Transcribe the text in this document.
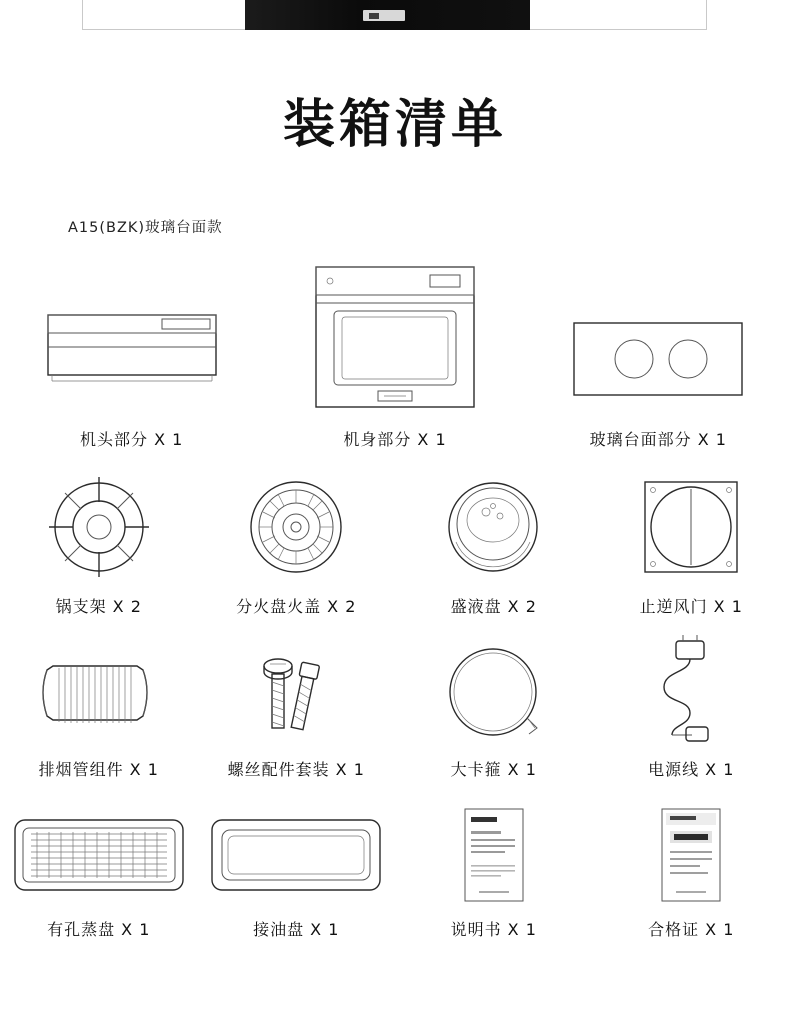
装箱清单
A15(BZK)玻璃台面款
机头部分 X 1	机身部分 X 1	玻璃台面部分 X 1
锅支架 X 2	分火盘火盖 X 2	盛液盘 X 2	止逆风门 X 1
排烟管组件 X 1	螺丝配件套装 X 1	大卡箍 X 1	电源线 X 1
有孔蒸盘 X 1	接油盘 X 1	说明书 X 1	合格证 X 1
